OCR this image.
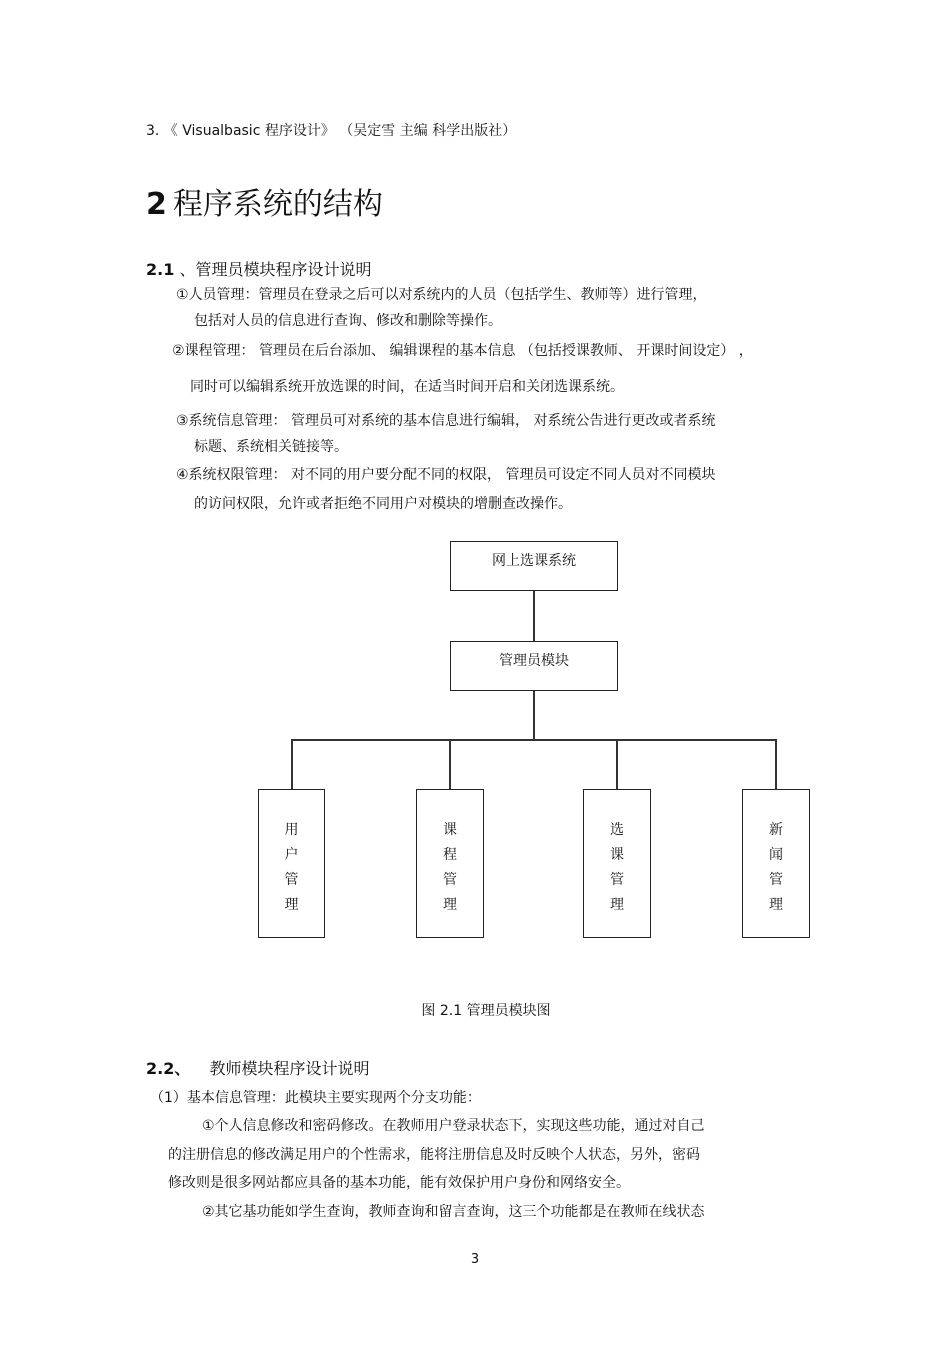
3. 《 Visualbasic 程序设计》 （吴定雪 主编 科学出版社）
2 程序系统的结构
2.1 、管理员模块程序设计说明
①人员管理：管理员在登录之后可以对系统内的人员（包括学生、教师等）进行管理，
包括对人员的信息进行查询、修改和删除等操作。
②课程管理： 管理员在后台添加、 编辑课程的基本信息 （包括授课教师、 开课时间设定） ，
同时可以编辑系统开放选课的时间，在适当时间开启和关闭选课系统。
③系统信息管理： 管理员可对系统的基本信息进行编辑， 对系统公告进行更改或者系统
标题、系统相关链接等。
④系统权限管理： 对不同的用户要分配不同的权限， 管理员可设定不同人员对不同模块
的访问权限，允许或者拒绝不同用户对模块的增删查改操作。
网上选课系统
管理员模块
用
户
管
理
课
程
管
理
选
课
管
理
新
闻
管
理
图 2.1 管理员模块图
2.2、 教师模块程序设计说明
（1）基本信息管理：此模块主要实现两个分支功能：
①个人信息修改和密码修改。在教师用户登录状态下，实现这些功能，通过对自己
的注册信息的修改满足用户的个性需求，能将注册信息及时反映个人状态，另外，密码
修改则是很多网站都应具备的基本功能，能有效保护用户身份和网络安全。
②其它基功能如学生查询，教师查询和留言查询，这三个功能都是在教师在线状态
3
